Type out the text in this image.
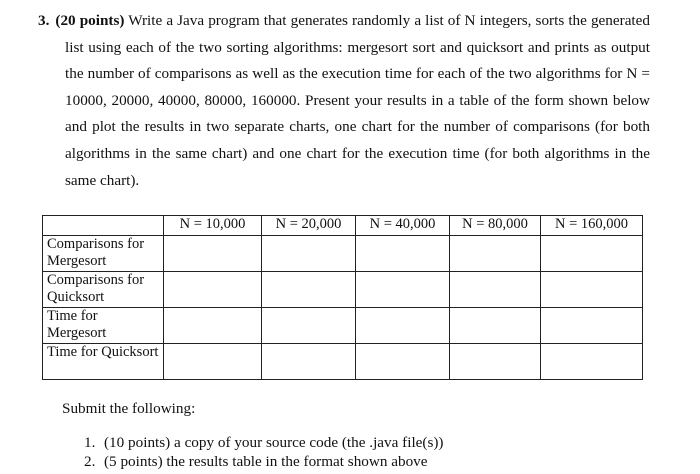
3. (20 points) Write a Java program that generates randomly a list of N integers, sorts the generated list using each of the two sorting algorithms: mergesort sort and quicksort and prints as output the number of comparisons as well as the execution time for each of the two algorithms for N = 10000, 20000, 40000, 80000, 160000. Present your results in a table of the form shown below and plot the results in two separate charts, one chart for the number of comparisons (for both algorithms in the same chart) and one chart for the execution time (for both algorithms in the same chart).
	N = 10,000	N = 20,000	N = 40,000	N = 80,000	N = 160,000
Comparisons for Mergesort					
Comparisons for Quicksort					
Time for Mergesort					
Time for Quicksort					
Submit the following:
1. (10 points) a copy of your source code (the .java file(s))
2. (5 points) the results table in the format shown above
